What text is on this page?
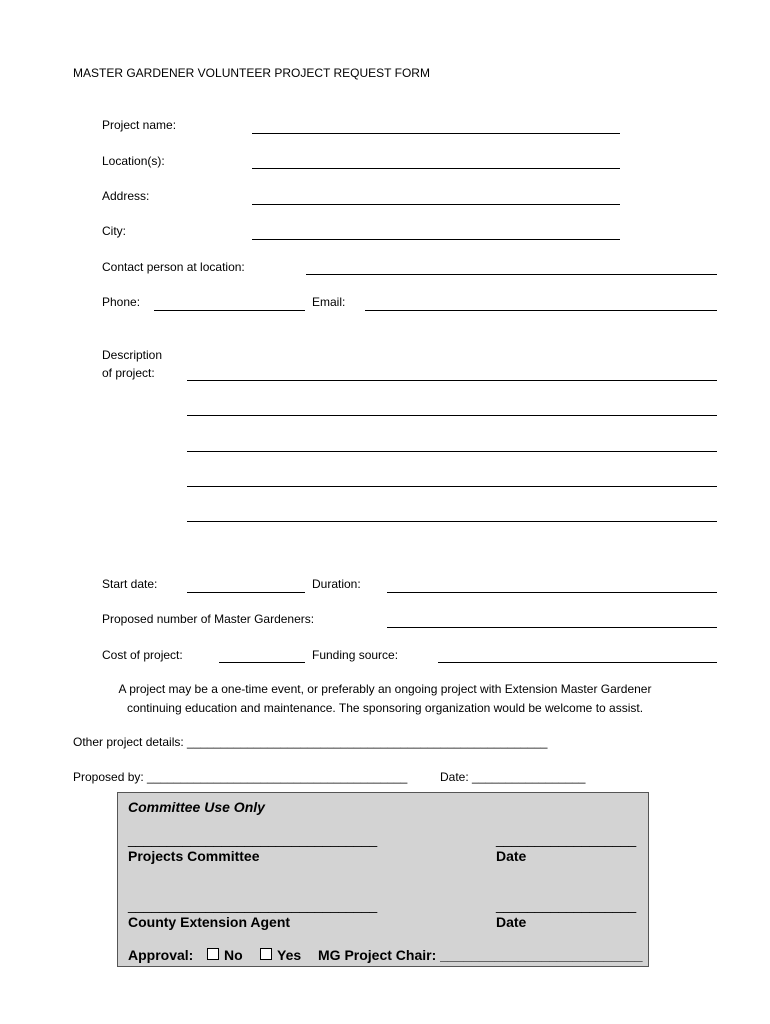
MASTER GARDENER VOLUNTEER PROJECT REQUEST FORM
Project name:
Location(s):
Address:
City:
Contact person at location:
Phone:	Email:
Description
of project:
Start date:	Duration:
Proposed number of Master Gardeners:
Cost of project:	Funding source:
A project may be a one-time event, or preferably an ongoing project with Extension Master Gardener
continuing education and maintenance. The sponsoring organization would be welcome to assist.
Other project details: ______________________________________________________
Proposed by: _______________________________________	Date: _________________
Committee Use Only
________________________________	__________________
Projects Committee	Date
________________________________	__________________
County Extension Agent	Date
Approval: No Yes MG Project Chair: __________________________
